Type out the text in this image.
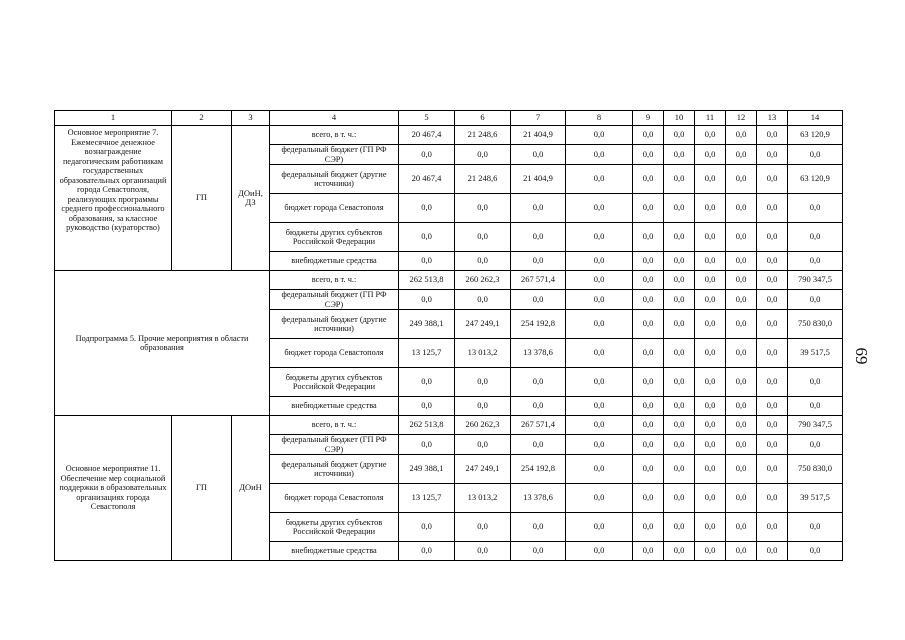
1	2	3	4	5	6	7	8	9	10	11	12	13	14
Основное мероприятие 7. Ежемесячное денежное вознаграждение педагогическим работникам государственных образовательных организаций города Севастополя, реализующих программы среднего профессионального образования, за классное руководство (кураторство)	ГП	ДОиН, ДЗ	всего, в т. ч.:	20 467,4	21 248,6	21 404,9	0,0	0,0	0,0	0,0	0,0	0,0	63 120,9
			федеральный бюджет (ГП РФ СЭР)	0,0	0,0	0,0	0,0	0,0	0,0	0,0	0,0	0,0	0,0
			федеральный бюджет (другие источники)	20 467,4	21 248,6	21 404,9	0,0	0,0	0,0	0,0	0,0	0,0	63 120,9
			бюджет города Севастополя	0,0	0,0	0,0	0,0	0,0	0,0	0,0	0,0	0,0	0,0
			бюджеты других субъектов Российской Федерации	0,0	0,0	0,0	0,0	0,0	0,0	0,0	0,0	0,0	0,0
			внебюджетные средства	0,0	0,0	0,0	0,0	0,0	0,0	0,0	0,0	0,0	0,0
Подпрограмма 5. Прочие мероприятия в области образования			всего, в т. ч.:	262 513,8	260 262,3	267 571,4	0,0	0,0	0,0	0,0	0,0	0,0	790 347,5
			федеральный бюджет (ГП РФ СЭР)	0,0	0,0	0,0	0,0	0,0	0,0	0,0	0,0	0,0	0,0
			федеральный бюджет (другие источники)	249 388,1	247 249,1	254 192,8	0,0	0,0	0,0	0,0	0,0	0,0	750 830,0
			бюджет города Севастополя	13 125,7	13 013,2	13 378,6	0,0	0,0	0,0	0,0	0,0	0,0	39 517,5
			бюджеты других субъектов Российской Федерации	0,0	0,0	0,0	0,0	0,0	0,0	0,0	0,0	0,0	0,0
			внебюджетные средства	0,0	0,0	0,0	0,0	0,0	0,0	0,0	0,0	0,0	0,0
Основное мероприятие 11. Обеспечение мер социальной поддержки в образовательных организациях города Севастополя	ГП	ДОиН	всего, в т. ч.:	262 513,8	260 262,3	267 571,4	0,0	0,0	0,0	0,0	0,0	0,0	790 347,5
			федеральный бюджет (ГП РФ СЭР)	0,0	0,0	0,0	0,0	0,0	0,0	0,0	0,0	0,0	0,0
			федеральный бюджет (другие источники)	249 388,1	247 249,1	254 192,8	0,0	0,0	0,0	0,0	0,0	0,0	750 830,0
			бюджет города Севастополя	13 125,7	13 013,2	13 378,6	0,0	0,0	0,0	0,0	0,0	0,0	39 517,5
			бюджеты других субъектов Российской Федерации	0,0	0,0	0,0	0,0	0,0	0,0	0,0	0,0	0,0	0,0
			внебюджетные средства	0,0	0,0	0,0	0,0	0,0	0,0	0,0	0,0	0,0	0,0
69
